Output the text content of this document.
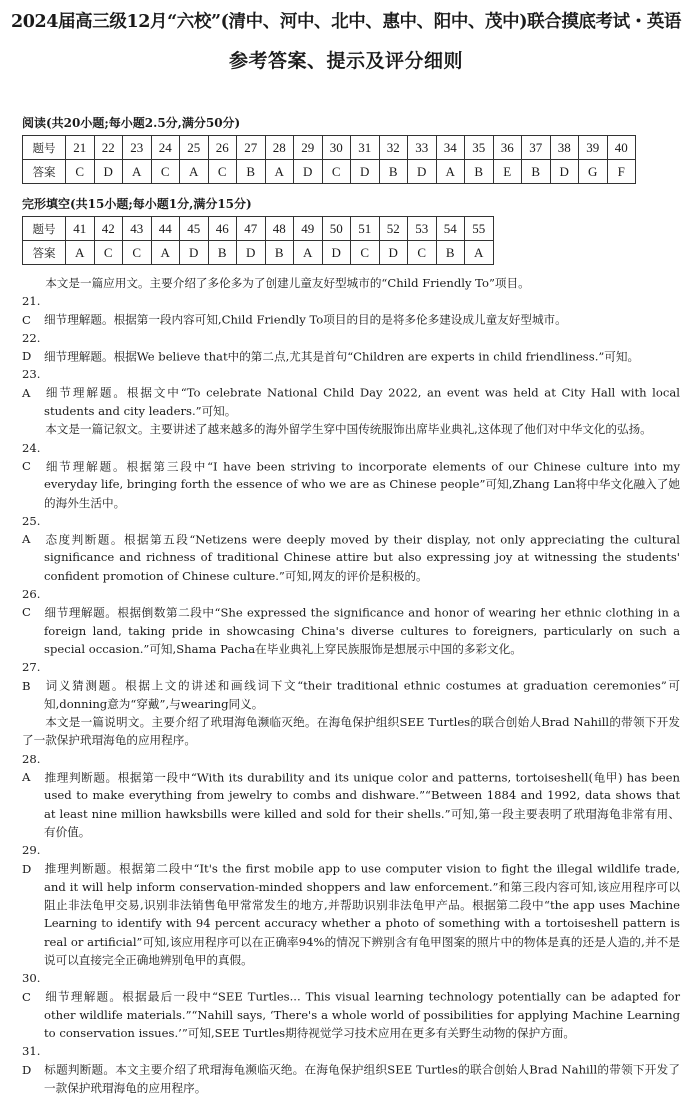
2024届高三级12月“六校”(清中、河中、北中、惠中、阳中、茂中)联合摸底考试・英语
参考答案、提示及评分细则
阅读(共20小题;每小题2.5分,满分50分)
题号	21	22	23	24	25	26	27	28	29	30	31	32	33	34	35	36	37	38	39	40
答案	C	D	A	C	A	C	B	A	D	C	D	B	D	A	B	E	B	D	G	F
完形填空(共15小题;每小题1分,满分15分)
题号	41	42	43	44	45	46	47	48	49	50	51	52	53	54	55
答案	A	C	C	A	D	B	D	B	A	D	C	D	C	B	A

本文是一篇应用文。主要介绍了多伦多为了创建儿童友好型城市的“Child Friendly To”项目。

21. C 细节理解题。根据第一段内容可知,Child Friendly To项目的目的是将多伦多建设成儿童友好型城市。

22. D 细节理解题。根据We believe that中的第二点,尤其是首句“Children are experts in child friendliness.”可知。

23. A 细节理解题。根据文中“To celebrate National Child Day 2022, an event was held at City Hall with local students and city leaders.”可知。

本文是一篇记叙文。主要讲述了越来越多的海外留学生穿中国传统服饰出席毕业典礼,这体现了他们对中华文化的弘扬。

24. C 细节理解题。根据第三段中“I have been striving to incorporate elements of our Chinese culture into my everyday life, bringing forth the essence of who we are as Chinese people”可知,Zhang Lan将中华文化融入了她的海外生活中。

25. A 态度判断题。根据第五段“Netizens were deeply moved by their display, not only appreciating the cultural significance and richness of traditional Chinese attire but also expressing joy at witnessing the students' confident promotion of Chinese culture.”可知,网友的评价是积极的。

26. C 细节理解题。根据倒数第二段中“She expressed the significance and honor of wearing her ethnic clothing in a foreign land, taking pride in showcasing China's diverse cultures to foreigners, particularly on such a special occasion.”可知,Shama Pacha在毕业典礼上穿民族服饰是想展示中国的多彩文化。

27. B 词义猜测题。根据上文的讲述和画线词下文“their traditional ethnic costumes at graduation ceremonies”可知,donning意为“穿戴”,与wearing同义。

本文是一篇说明文。主要介绍了玳瑁海龟濒临灭绝。在海龟保护组织SEE Turtles的联合创始人Brad Nahill的带领下开发了一款保护玳瑁海龟的应用程序。

28. A 推理判断题。根据第一段中“With its durability and its unique color and patterns, tortoiseshell(龟甲) has been used to make everything from jewelry to combs and dishware.”“Between 1884 and 1992, data shows that at least nine million hawksbills were killed and sold for their shells.”可知,第一段主要表明了玳瑁海龟非常有用、有价值。

29. D 推理判断题。根据第二段中“It's the first mobile app to use computer vision to fight the illegal wildlife trade, and it will help inform conservation-minded shoppers and law enforcement.”和第三段内容可知,该应用程序可以阻止非法龟甲交易,识别非法销售龟甲常常发生的地方,并帮助识别非法龟甲产品。根据第二段中“the app uses Machine Learning to identify with 94 percent accuracy whether a photo of something with a tortoiseshell pattern is real or artificial”可知,该应用程序可以在正确率94%的情况下辨别含有龟甲图案的照片中的物体是真的还是人造的,并不是说可以直接完全正确地辨别龟甲的真假。

30. C 细节理解题。根据最后一段中“SEE Turtles... This visual learning technology potentially can be adapted for other wildlife materials.”“Nahill says, ‘There's a whole world of possibilities for applying Machine Learning to conservation issues.’”可知,SEE Turtles期待视觉学习技术应用在更多有关野生动物的保护方面。

31. D 标题判断题。本文主要介绍了玳瑁海龟濒临灭绝。在海龟保护组织SEE Turtles的联合创始人Brad Nahill的带领下开发了一款保护玳瑁海龟的应用程序。
